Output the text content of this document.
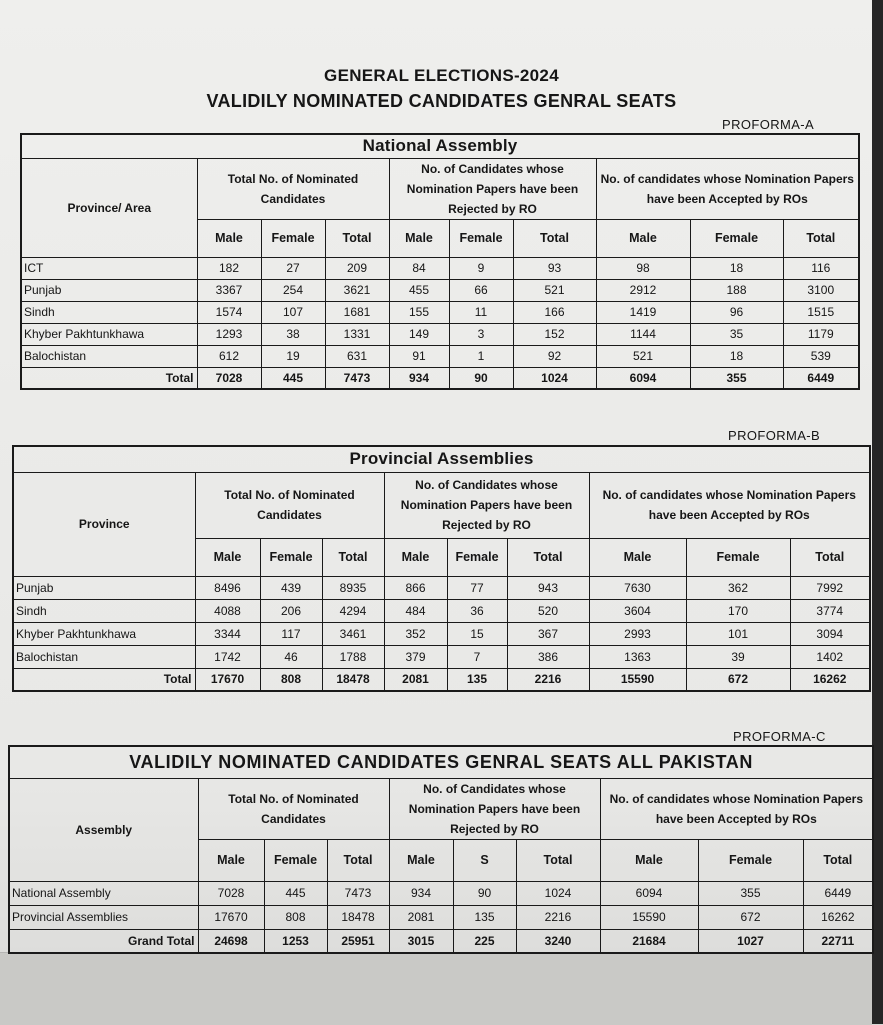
GENERAL ELECTIONS-2024
VALIDILY NOMINATED CANDIDATES GENRAL SEATS
PROFORMA-A
National Assembly									
Province/ Area	Total No. of Nominated Candidates			No. of Candidates whose Nomination Papers have been Rejected by RO			No. of candidates whose Nomination Papers have been Accepted by ROs		
	Male	Female	Total	Male	Female	Total	Male	Female	Total
ICT	182	27	209	84	9	93	98	18	116
Punjab	3367	254	3621	455	66	521	2912	188	3100
Sindh	1574	107	1681	155	11	166	1419	96	1515
Khyber Pakhtunkhawa	1293	38	1331	149	3	152	1144	35	1179
Balochistan	612	19	631	91	1	92	521	18	539
Total	7028	445	7473	934	90	1024	6094	355	6449
PROFORMA-B
Provincial Assemblies									
Province	Total No. of Nominated Candidates			No. of Candidates whose Nomination Papers have been Rejected by RO			No. of candidates whose Nomination Papers have been Accepted by ROs		
	Male	Female	Total	Male	Female	Total	Male	Female	Total
Punjab	8496	439	8935	866	77	943	7630	362	7992
Sindh	4088	206	4294	484	36	520	3604	170	3774
Khyber Pakhtunkhawa	3344	117	3461	352	15	367	2993	101	3094
Balochistan	1742	46	1788	379	7	386	1363	39	1402
Total	17670	808	18478	2081	135	2216	15590	672	16262
PROFORMA-C
VALIDILY NOMINATED CANDIDATES GENRAL SEATS ALL PAKISTAN									
Assembly	Total No. of Nominated Candidates			No. of Candidates whose Nomination Papers have been Rejected by RO			No. of candidates whose Nomination Papers have been Accepted by ROs		
	Male	Female	Total	Male	S	Total	Male	Female	Total
National Assembly	7028	445	7473	934	90	1024	6094	355	6449
Provincial Assemblies	17670	808	18478	2081	135	2216	15590	672	16262
Grand Total	24698	1253	25951	3015	225	3240	21684	1027	22711
